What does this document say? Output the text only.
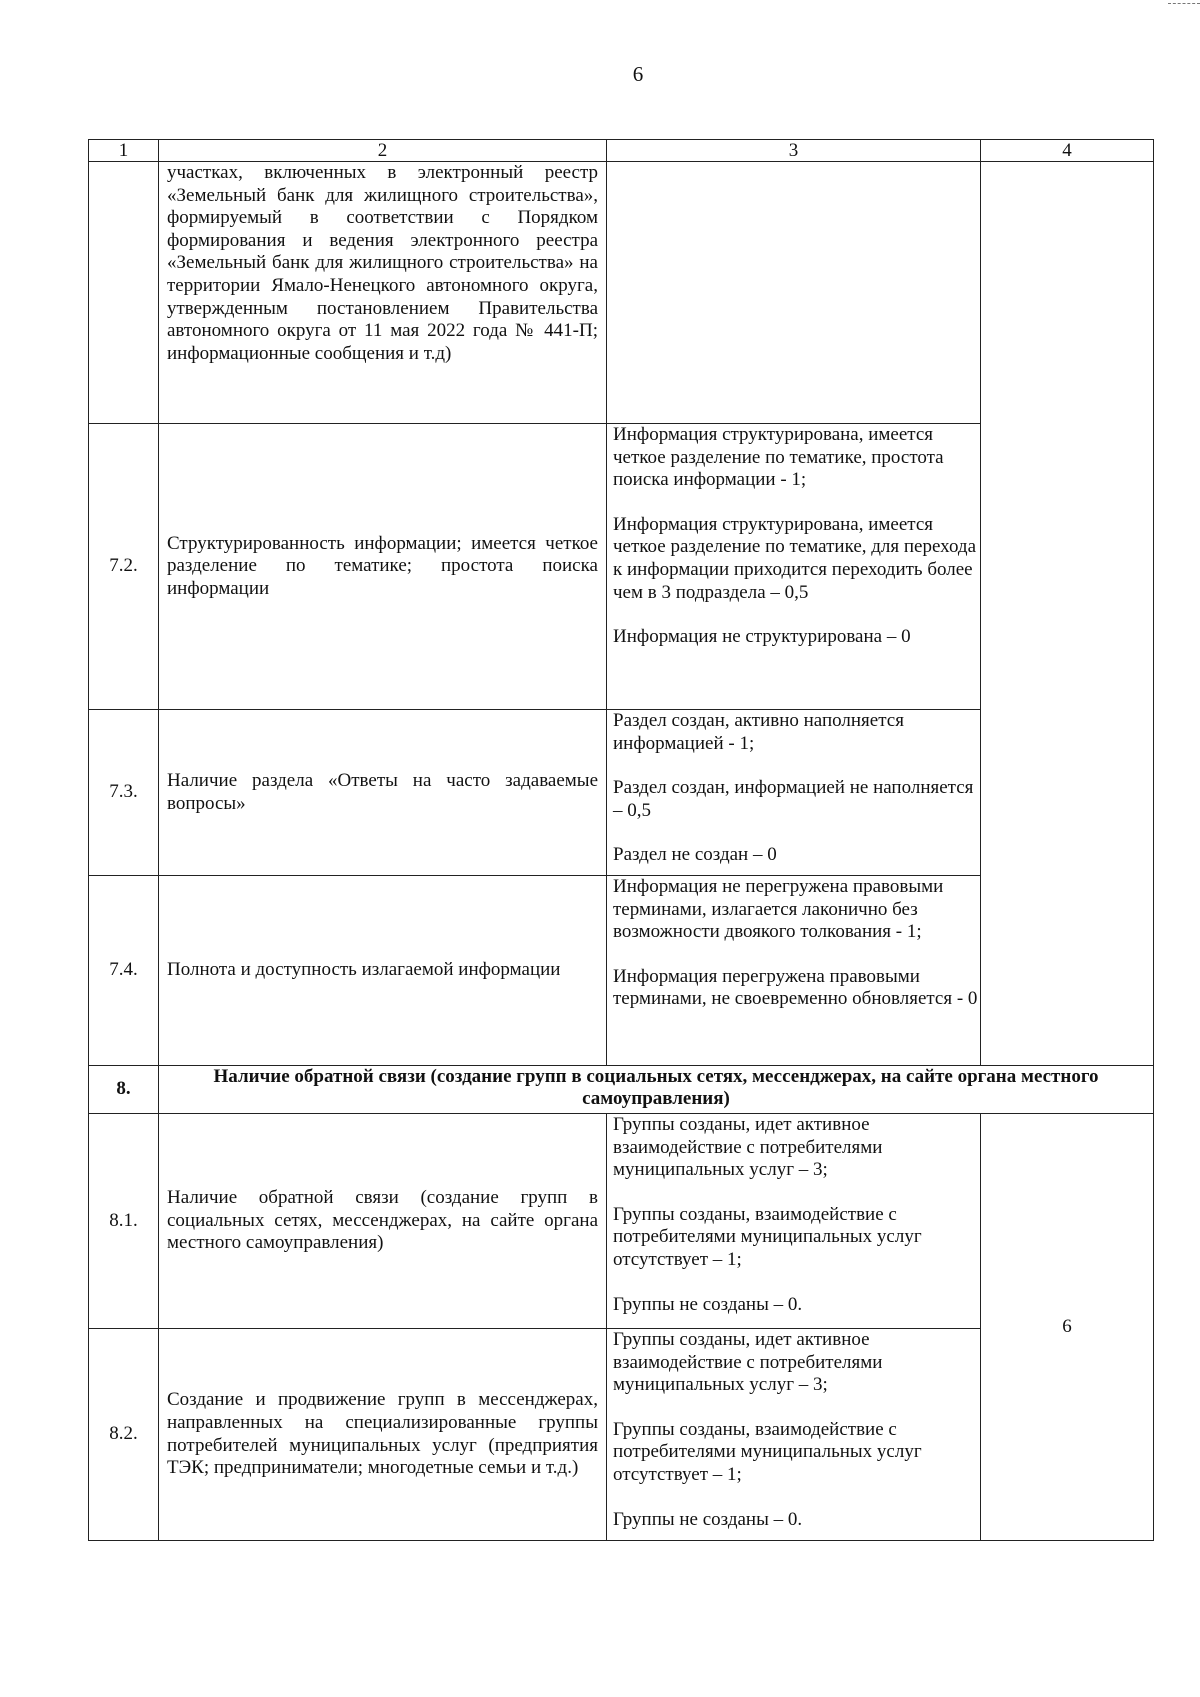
6
1	2	3	4
	участках, включенных в электронный реестр «Земельный банк для жилищного строительства», формируемый в соответствии с Порядком формирования и ведения электронного реестра «Земельный банк для жилищного строительства» на территории Ямало-Ненецкого автономного округа, утвержденным постановлением Правительства автономного округа от 11 мая 2022 года № 441-П; информационные сообщения и т.д)		
7.2.	Структурированность информации; имеется четкое разделение по тематике; простота поиска информации	Информация структурирована, имеется четкое разделение по тематике, простота поиска информации - 1;

Информация структурирована, имеется четкое разделение по тематике, для перехода к информации приходится переходить более чем в 3 подраздела – 0,5

Информация не структурирована – 0	

7.3.	Наличие раздела «Ответы на часто задаваемые вопросы»	Раздел создан, активно наполняется информацией - 1;

Раздел создан, информацией не наполняется – 0,5

Раздел не создан – 0	

7.4.	Полнота и доступность излагаемой информации	Информация не перегружена правовыми терминами, излагается лаконично без возможности двоякого толкования - 1;

Информация перегружена правовыми терминами, не своевременно обновляется - 0	

8.	Наличие обратной связи (создание групп в социальных сетях, мессенджерах, на сайте органа местного самоуправления)		
8.1.	Наличие обратной связи (создание групп в социальных сетях, мессенджерах, на сайте органа местного самоуправления)	Группы созданы, идет активное взаимодействие с потребителями муниципальных услуг – 3;

Группы созданы, взаимодействие с потребителями муниципальных услуг отсутствует – 1;

Группы не созданы – 0.	6
8.2.	Создание и продвижение групп в мессенджерах, направленных на специализированные группы потребителей муниципальных услуг (предприятия ТЭК; предприниматели; многодетные семьи и т.д.)	Группы созданы, идет активное взаимодействие с потребителями муниципальных услуг – 3;

Группы созданы, взаимодействие с потребителями муниципальных услуг отсутствует – 1;

Группы не созданы – 0.	
